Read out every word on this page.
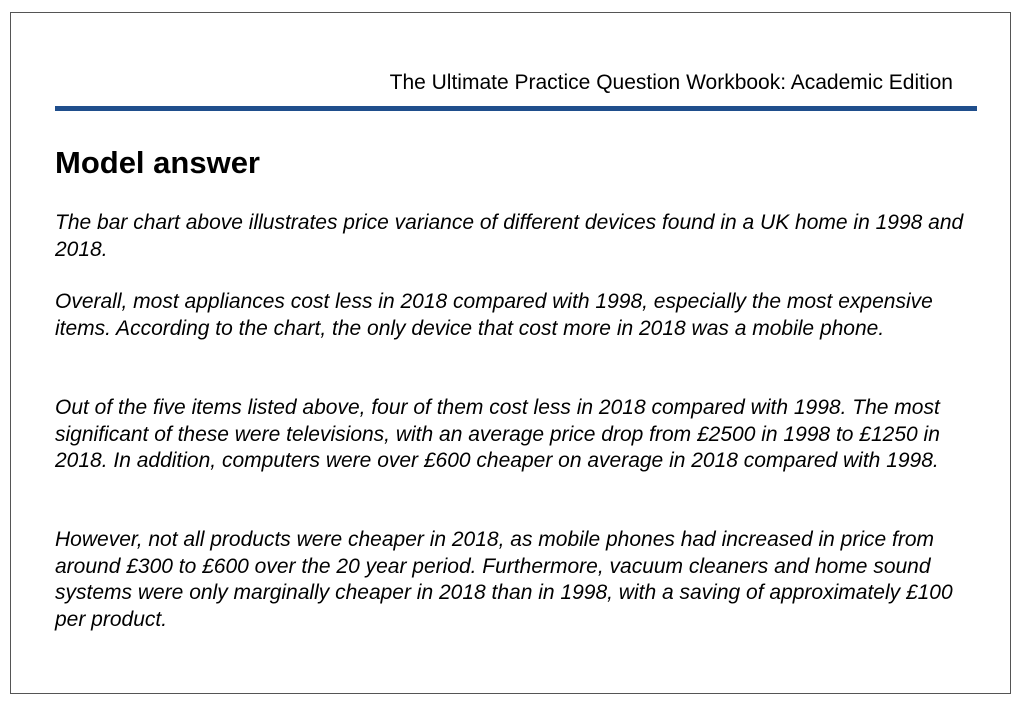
The Ultimate Practice Question Workbook: Academic Edition
Model answer

The bar chart above illustrates price variance of different devices found in a UK home in 1998 and 2018.

Overall, most appliances cost less in 2018 compared with 1998, especially the most expensive items. According to the chart, the only device that cost more in 2018 was a mobile phone.

Out of the five items listed above, four of them cost less in 2018 compared with 1998. The most significant of these were televisions, with an average price drop from £2500 in 1998 to £1250 in 2018. In addition, computers were over £600 cheaper on average in 2018 compared with 1998.

However, not all products were cheaper in 2018, as mobile phones had increased in price from around £300 to £600 over the 20 year period. Furthermore, vacuum cleaners and home sound systems were only marginally cheaper in 2018 than in 1998, with a saving of approximately £100 per product.
